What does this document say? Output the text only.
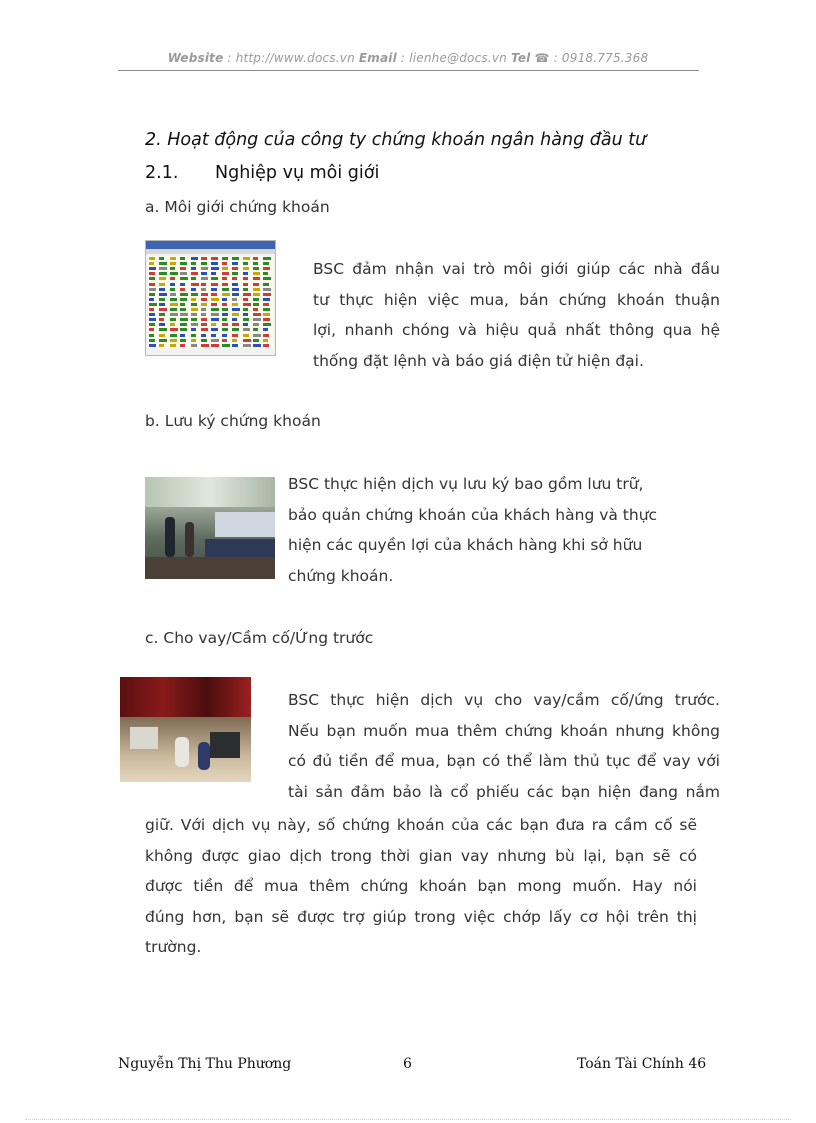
Website : http://www.docs.vn Email : lienhe@docs.vn Tel ☎ : 0918.775.368
2. Hoạt động của công ty chứng khoán ngân hàng đầu tư
2.1. Nghiệp vụ môi giới
a. Môi giới chứng khoán
BSC đảm nhận vai trò môi giới giúp các nhà đầu
tư thực hiện việc mua, bán chứng khoán thuận
lợi, nhanh chóng và hiệu quả nhất thông qua hệ
thống đặt lệnh và báo giá điện tử hiện đại.
b. Lưu ký chứng khoán
BSC thực hiện dịch vụ lưu ký bao gồm lưu trữ,
bảo quản chứng khoán của khách hàng và thực
hiện các quyền lợi của khách hàng khi sở hữu
chứng khoán.
c. Cho vay/Cầm cố/Ứng trước
BSC thực hiện dịch vụ cho vay/cầm cố/ứng trước.
Nếu bạn muốn mua thêm chứng khoán nhưng không
có đủ tiền để mua, bạn có thể làm thủ tục để vay với
tài sản đảm bảo là cổ phiếu các bạn hiện đang nắm
giữ. Với dịch vụ này, số chứng khoán của các bạn đưa ra cầm cố sẽ
không được giao dịch trong thời gian vay nhưng bù lại, bạn sẽ có
được tiền để mua thêm chứng khoán bạn mong muốn. Hay nói
đúng hơn, bạn sẽ được trợ giúp trong việc chớp lấy cơ hội trên thị
trường.
Nguyễn Thị Thu Phương	6	Toán Tài Chính 46
